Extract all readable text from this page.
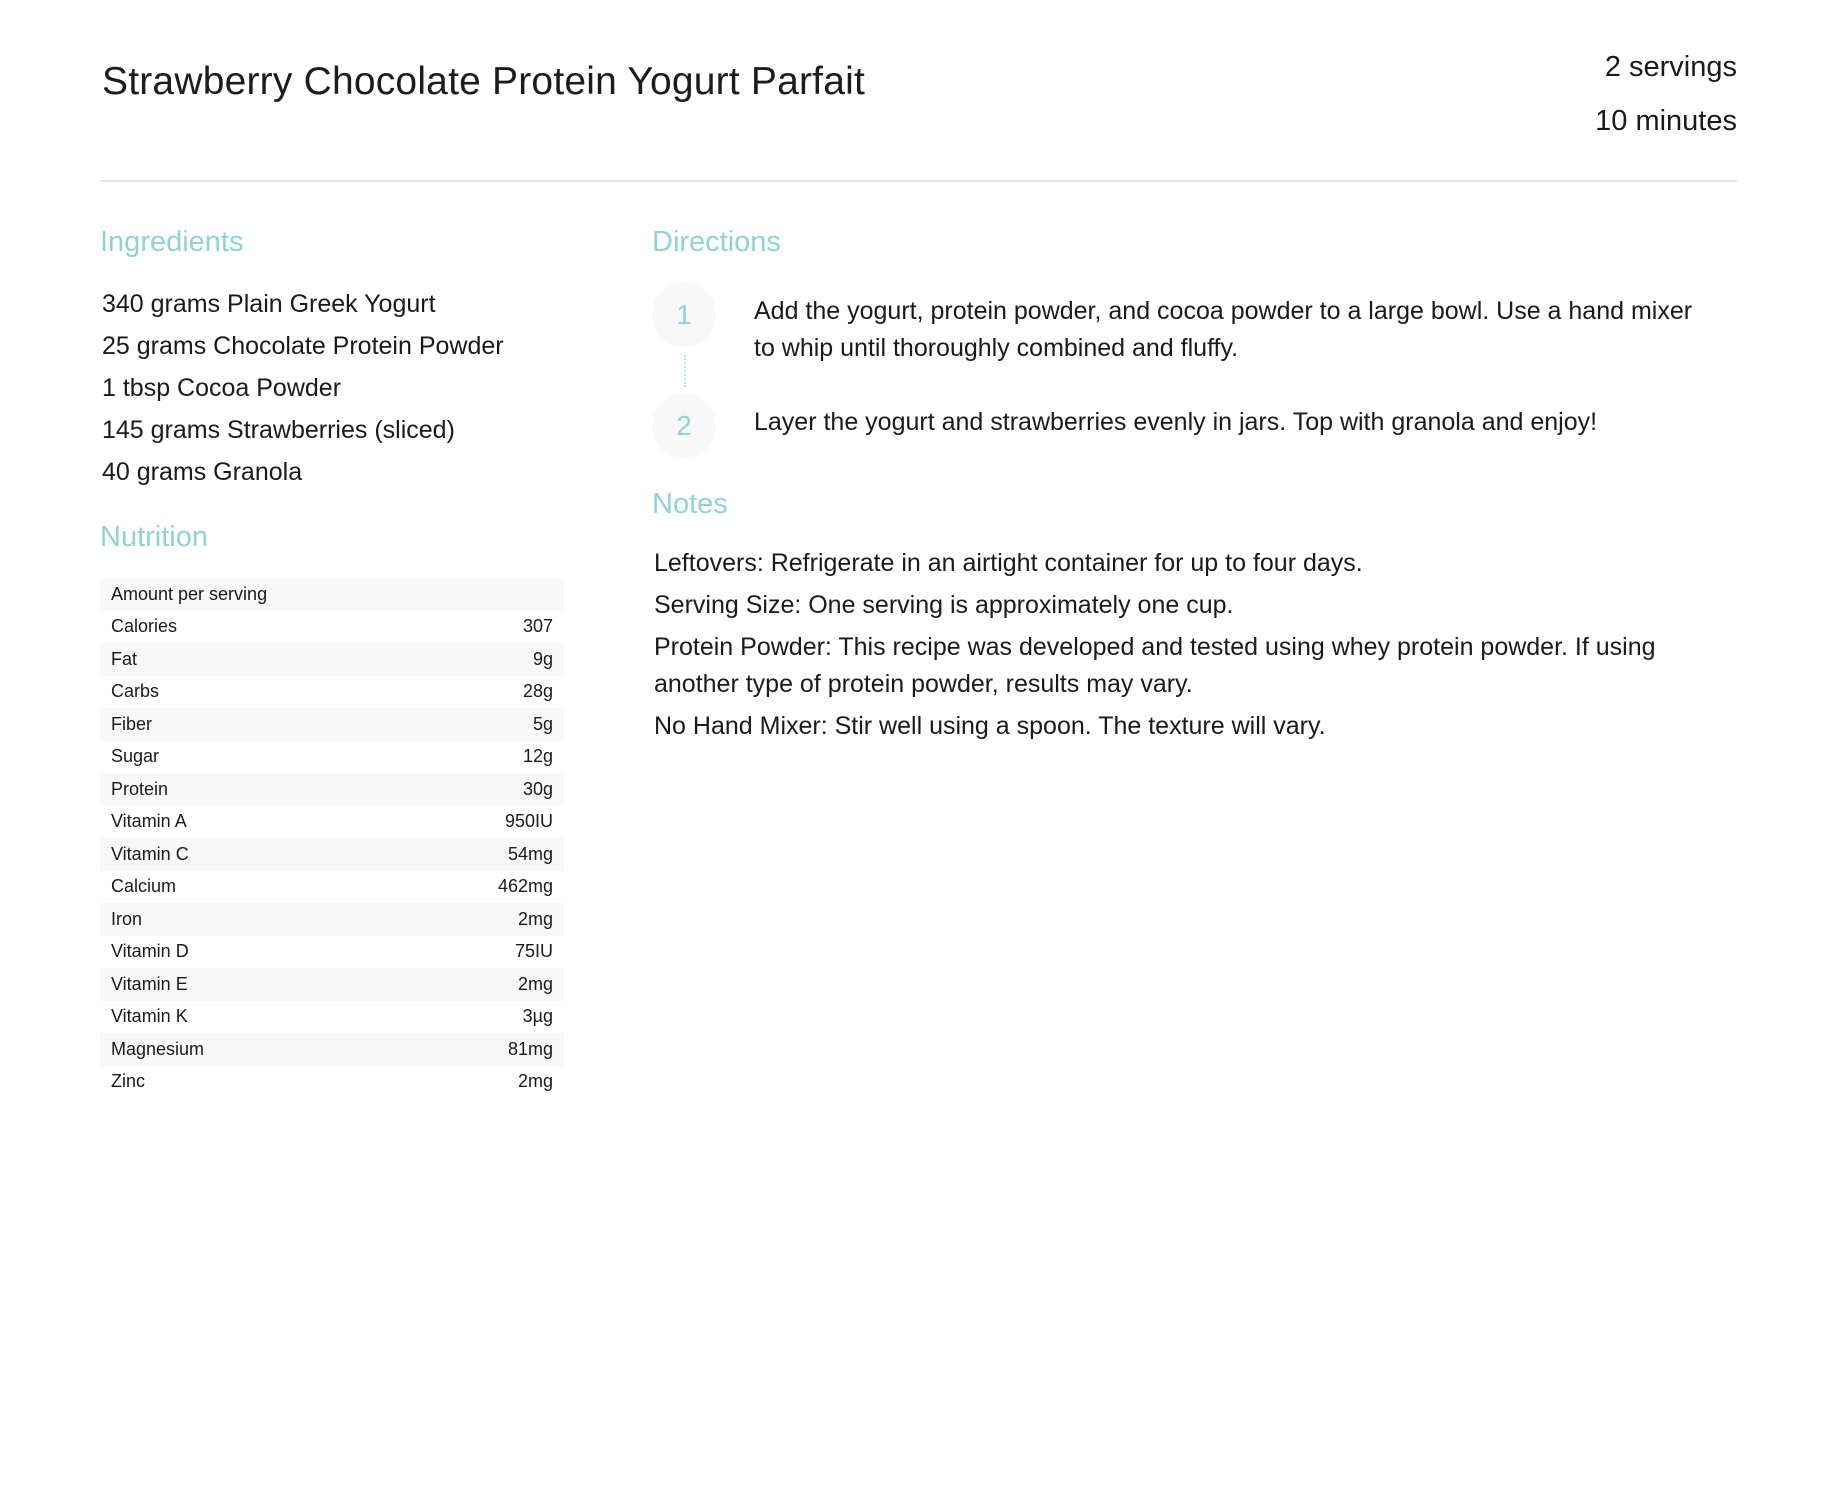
Strawberry Chocolate Protein Yogurt Parfait	2 servings
10 minutes
Ingredients
340 grams Plain Greek Yogurt
25 grams Chocolate Protein Powder
1 tbsp Cocoa Powder
145 grams Strawberries (sliced)
40 grams Granola
Nutrition
Amount per serving	
Calories	307
Fat	9g
Carbs	28g
Fiber	5g
Sugar	12g
Protein	30g
Vitamin A	950IU
Vitamin C	54mg
Calcium	462mg
Iron	2mg
Vitamin D	75IU
Vitamin E	2mg
Vitamin K	3µg
Magnesium	81mg
Zinc	2mg
Directions
1	Add the yogurt, protein powder, and cocoa powder to a large bowl. Use a hand mixer to whip until thoroughly combined and fluffy.
2	Layer the yogurt and strawberries evenly in jars. Top with granola and enjoy!
Notes

Leftovers: Refrigerate in an airtight container for up to four days.

Serving Size: One serving is approximately one cup.

Protein Powder: This recipe was developed and tested using whey protein powder. If using another type of protein powder, results may vary.

No Hand Mixer: Stir well using a spoon. The texture will vary.
